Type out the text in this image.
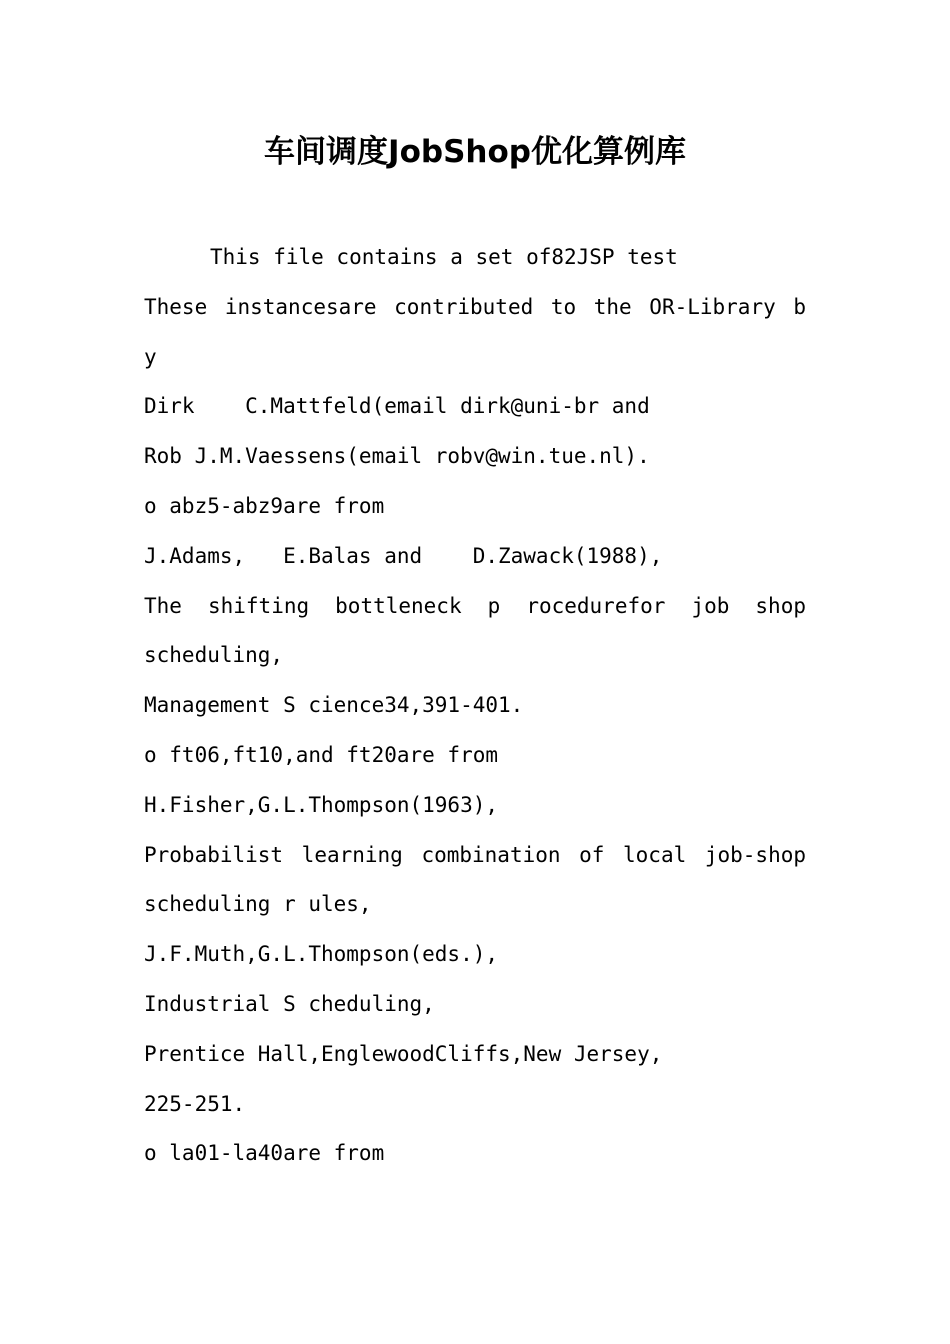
车间调度JobShop优化算例库
This file contains a set of82JSP test
These instancesare contributed to the OR-Library b
y
Dirk    C.Mattfeld(email dirk@uni-br and
Rob J.M.Vaessens(email robv@win.tue.nl).
o abz5-abz9are from
J.Adams,   E.Balas and    D.Zawack(1988),
The shifting bottleneck p rocedurefor job shop
scheduling,
Management S cience34,391-401.
o ft06,ft10,and ft20are from
H.Fisher,G.L.Thompson(1963),
Probabilist learning combination of local job-shop
scheduling r ules,
J.F.Muth,G.L.Thompson(eds.),
Industrial S cheduling,
Prentice Hall,EnglewoodCliffs,New Jersey,
225-251.
o la01-la40are from
